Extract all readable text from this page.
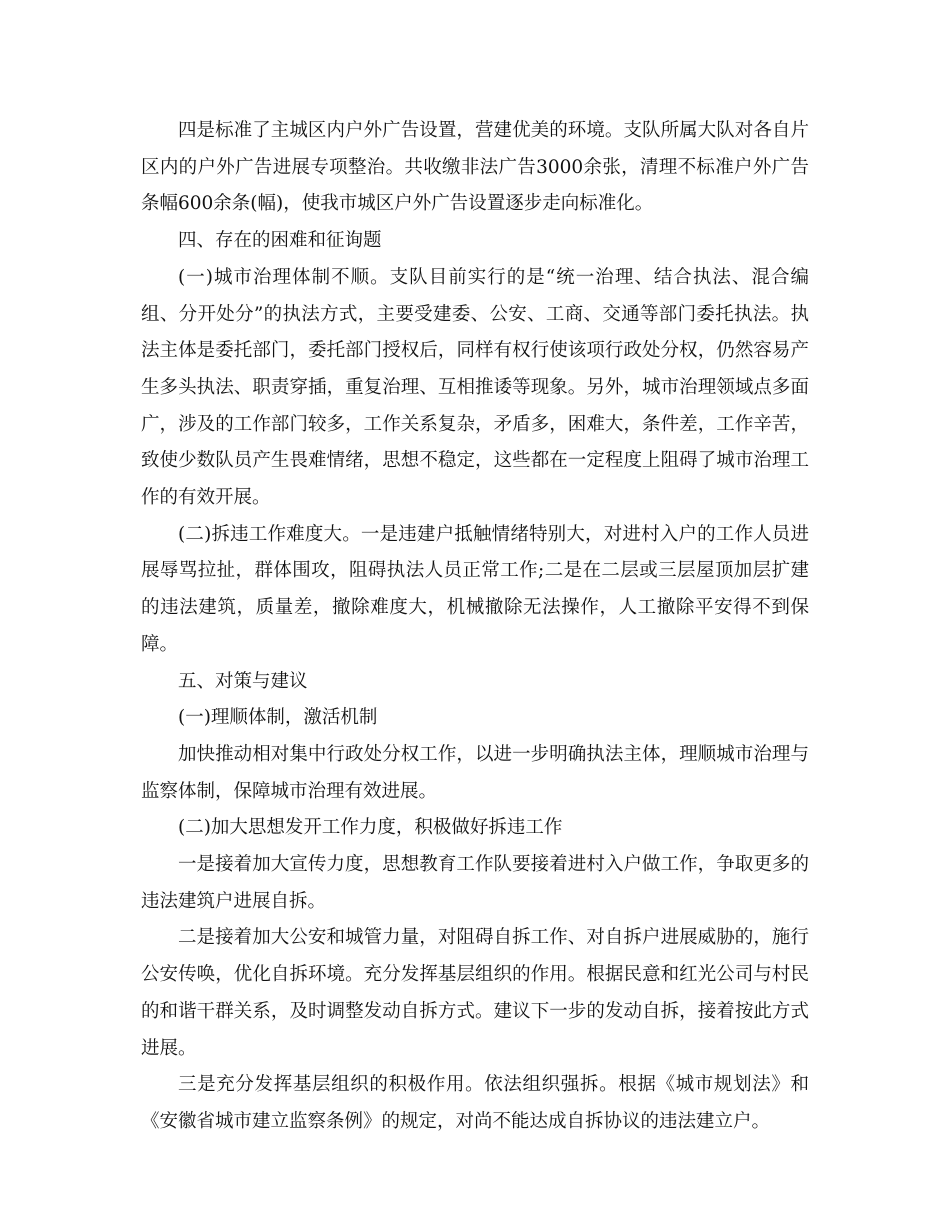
四是标准了主城区内户外广告设置，营建优美的环境。支队所属大队对各自片区内的户外广告进展专项整治。共收缴非法广告3000余张，清理不标准户外广告条幅600余条(幅)，使我市城区户外广告设置逐步走向标准化。

四、存在的困难和征询题

(一)城市治理体制不顺。支队目前实行的是“统一治理、结合执法、混合编组、分开处分”的执法方式，主要受建委、公安、工商、交通等部门委托执法。执法主体是委托部门，委托部门授权后，同样有权行使该项行政处分权，仍然容易产生多头执法、职责穿插，重复治理、互相推诿等现象。另外，城市治理领域点多面广，涉及的工作部门较多，工作关系复杂，矛盾多，困难大，条件差，工作辛苦，致使少数队员产生畏难情绪，思想不稳定，这些都在一定程度上阻碍了城市治理工作的有效开展。

(二)拆违工作难度大。一是违建户抵触情绪特别大，对进村入户的工作人员进展辱骂拉扯，群体围攻，阻碍执法人员正常工作;二是在二层或三层屋顶加层扩建的违法建筑，质量差，撤除难度大，机械撤除无法操作，人工撤除平安得不到保障。

五、对策与建议

(一)理顺体制，激活机制

加快推动相对集中行政处分权工作，以进一步明确执法主体，理顺城市治理与监察体制，保障城市治理有效进展。

(二)加大思想发开工作力度，积极做好拆违工作

一是接着加大宣传力度，思想教育工作队要接着进村入户做工作，争取更多的违法建筑户进展自拆。

二是接着加大公安和城管力量，对阻碍自拆工作、对自拆户进展威胁的，施行公安传唤，优化自拆环境。充分发挥基层组织的作用。根据民意和红光公司与村民的和谐干群关系，及时调整发动自拆方式。建议下一步的发动自拆，接着按此方式进展。

三是充分发挥基层组织的积极作用。依法组织强拆。根据《城市规划法》和《安徽省城市建立监察条例》的规定，对尚不能达成自拆协议的违法建立户。
